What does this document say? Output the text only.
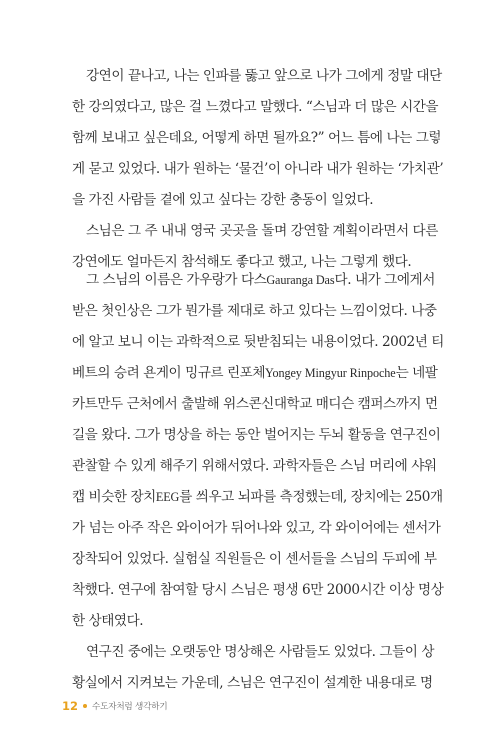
강연이 끝나고, 나는 인파를 뚫고 앞으로 나가 그에게 정말 대단
한 강의였다고, 많은 걸 느꼈다고 말했다. “스님과 더 많은 시간을
함께 보내고 싶은데요, 어떻게 하면 될까요?” 어느 틈에 나는 그렇
게 묻고 있었다. 내가 원하는 ‘물건’이 아니라 내가 원하는 ‘가치관’
을 가진 사람들 곁에 있고 싶다는 강한 충동이 일었다.
스님은 그 주 내내 영국 곳곳을 돌며 강연할 계획이라면서 다른
강연에도 얼마든지 참석해도 좋다고 했고, 나는 그렇게 했다.
그 스님의 이름은 가우랑가 다스Gauranga Das다. 내가 그에게서
받은 첫인상은 그가 뭔가를 제대로 하고 있다는 느낌이었다. 나중
에 알고 보니 이는 과학적으로 뒷받침되는 내용이었다. 2002년 티
베트의 승려 욘게이 밍규르 린포체Yongey Mingyur Rinpoche는 네팔
카트만두 근처에서 출발해 위스콘신대학교 매디슨 캠퍼스까지 먼
길을 왔다. 그가 명상을 하는 동안 벌어지는 두뇌 활동을 연구진이
관찰할 수 있게 해주기 위해서였다. 과학자들은 스님 머리에 샤워
캡 비슷한 장치EEG를 씌우고 뇌파를 측정했는데, 장치에는 250개
가 넘는 아주 작은 와이어가 뒤어나와 있고, 각 와이어에는 센서가
장착되어 있었다. 실험실 직원들은 이 센서들을 스님의 두피에 부
착했다. 연구에 참여할 당시 스님은 평생 6만 2000시간 이상 명상
한 상태였다.
연구진 중에는 오랫동안 명상해온 사람들도 있었다. 그들이 상
황실에서 지켜보는 가운데, 스님은 연구진이 설계한 내용대로 명
12 수도자처럼 생각하기
